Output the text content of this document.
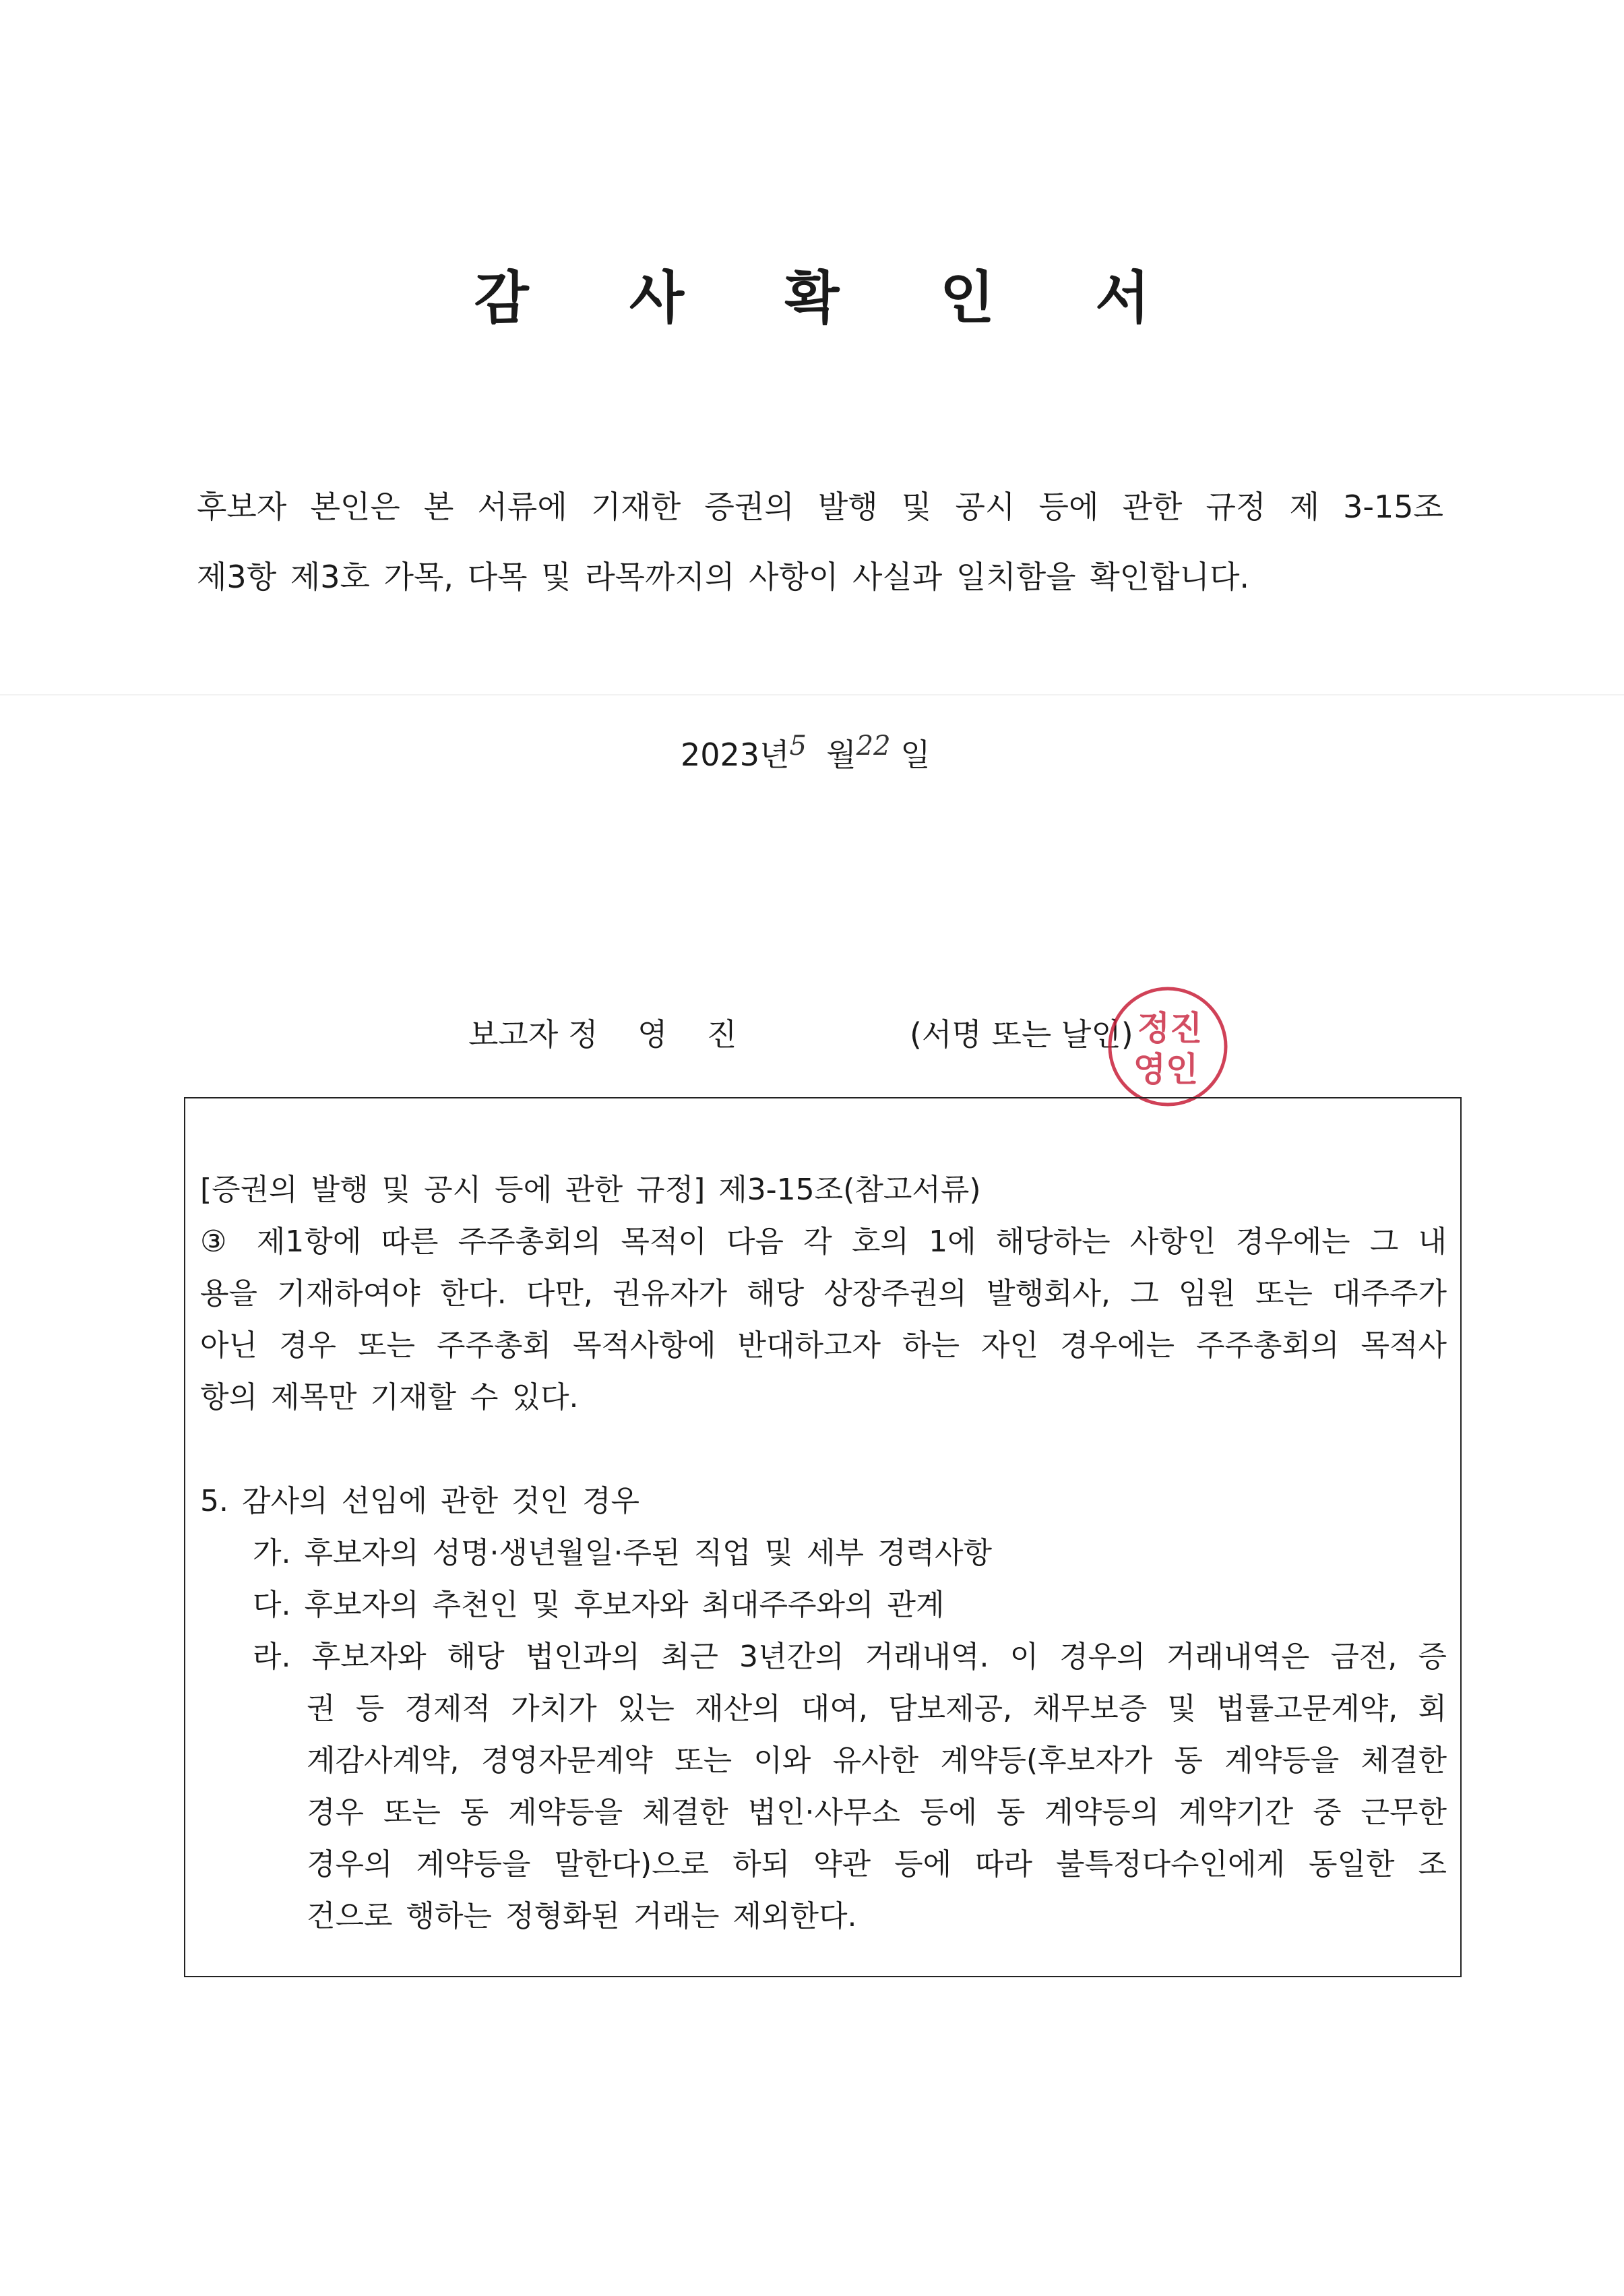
감 사 확 인 서
후보자 본인은 본 서류에 기재한 증권의 발행 및 공시 등에 관한 규정 제 3-15조
제3항 제3호 가목, 다목 및 라목까지의 사항이 사실과 일치함을 확인합니다.
2023년5 월22 일
보고자 정 영 진	(서명 또는 날인) 정진
영인
[증권의 발행 및 공시 등에 관한 규정] 제3-15조(참고서류)
③ 제1항에 따른 주주총회의 목적이 다음 각 호의 1에 해당하는 사항인 경우에는 그 내
용을 기재하여야 한다. 다만, 권유자가 해당 상장주권의 발행회사, 그 임원 또는 대주주가
아닌 경우 또는 주주총회 목적사항에 반대하고자 하는 자인 경우에는 주주총회의 목적사
항의 제목만 기재할 수 있다.
5. 감사의 선임에 관한 것인 경우
가. 후보자의 성명·생년월일·주된 직업 및 세부 경력사항
다. 후보자의 추천인 및 후보자와 최대주주와의 관계
라. 후보자와 해당 법인과의 최근 3년간의 거래내역. 이 경우의 거래내역은 금전, 증
권 등 경제적 가치가 있는 재산의 대여, 담보제공, 채무보증 및 법률고문계약, 회
계감사계약, 경영자문계약 또는 이와 유사한 계약등(후보자가 동 계약등을 체결한
경우 또는 동 계약등을 체결한 법인·사무소 등에 동 계약등의 계약기간 중 근무한
경우의 계약등을 말한다)으로 하되 약관 등에 따라 불특정다수인에게 동일한 조
건으로 행하는 정형화된 거래는 제외한다.
